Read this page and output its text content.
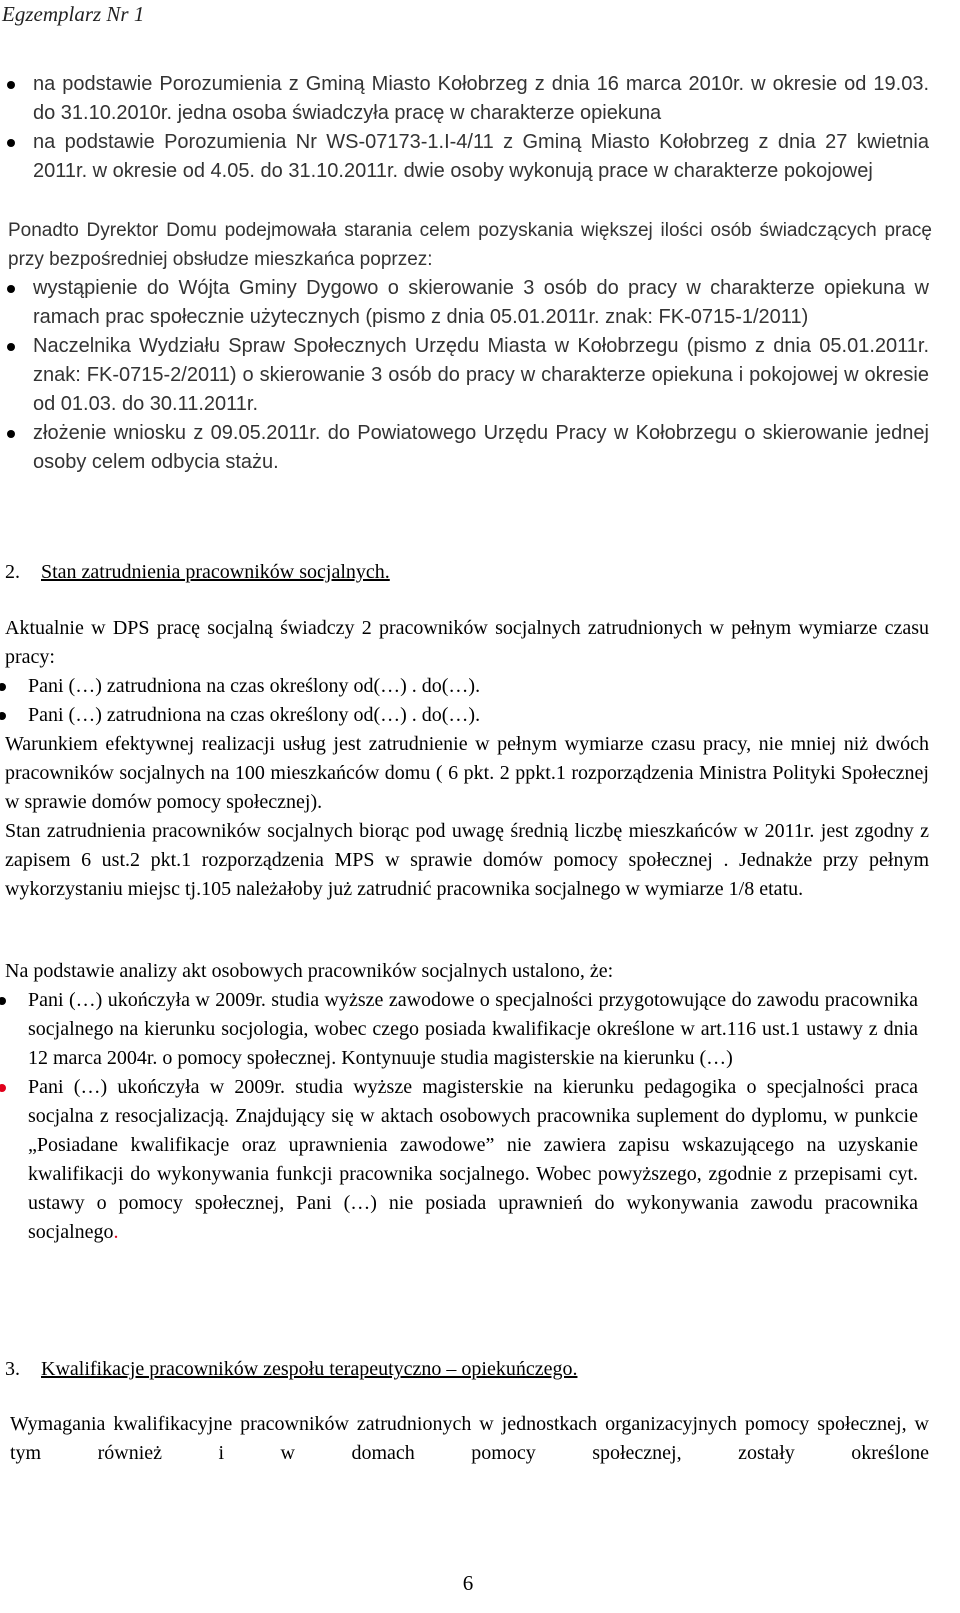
Egzemplarz Nr 1
na podstawie Porozumienia z Gminą Miasto Kołobrzeg z dnia 16 marca 2010r. w okresie od 19.03. do 31.10.2010r. jedna osoba świadczyła pracę w charakterze opiekuna
na podstawie Porozumienia Nr WS-07173-1.I-4/11 z Gminą Miasto Kołobrzeg z dnia 27 kwietnia 2011r. w okresie od 4.05. do 31.10.2011r. dwie osoby wykonują prace w charakterze pokojowej

Ponadto Dyrektor Domu podejmowała starania celem pozyskania większej ilości osób świadczących pracę przy bezpośredniej obsłudze mieszkańca poprzez:

wystąpienie do Wójta Gminy Dygowo o skierowanie 3 osób do pracy w charakterze opiekuna w ramach prac społecznie użytecznych (pismo z dnia 05.01.2011r. znak: FK-0715-1/2011)
Naczelnika Wydziału Spraw Społecznych Urzędu Miasta w Kołobrzegu (pismo z dnia 05.01.2011r. znak: FK-0715-2/2011) o skierowanie 3 osób do pracy w charakterze opiekuna i pokojowej w okresie od 01.03. do 30.11.2011r.
złożenie wniosku z 09.05.2011r. do Powiatowego Urzędu Pracy w Kołobrzegu o skierowanie jednej osoby celem odbycia stażu.
2. Stan zatrudnienia pracowników socjalnych.

Aktualnie w DPS pracę socjalną świadczy 2 pracowników socjalnych zatrudnionych w pełnym wymiarze czasu pracy:

Pani (…) zatrudniona na czas określony od(…) . do(…).
Pani (…) zatrudniona na czas określony od(…) . do(…).

Warunkiem efektywnej realizacji usług jest zatrudnienie w pełnym wymiarze czasu pracy, nie mniej niż dwóch pracowników socjalnych na 100 mieszkańców domu ( 6 pkt. 2 ppkt.1 rozporządzenia Ministra Polityki Społecznej w sprawie domów pomocy społecznej).

Stan zatrudnienia pracowników socjalnych biorąc pod uwagę średnią liczbę mieszkańców w 2011r. jest zgodny z zapisem 6 ust.2 pkt.1 rozporządzenia MPS w sprawie domów pomocy społecznej . Jednakże przy pełnym wykorzystaniu miejsc tj.105 należałoby już zatrudnić pracownika socjalnego w wymiarze 1/8 etatu.

Na podstawie analizy akt osobowych pracowników socjalnych ustalono, że:

Pani (…) ukończyła w 2009r. studia wyższe zawodowe o specjalności przygotowujące do zawodu pracownika socjalnego na kierunku socjologia, wobec czego posiada kwalifikacje określone w art.116 ust.1 ustawy z dnia 12 marca 2004r. o pomocy społecznej. Kontynuuje studia magisterskie na kierunku (…)
Pani (…) ukończyła w 2009r. studia wyższe magisterskie na kierunku pedagogika o specjalności praca socjalna z resocjalizacją. Znajdujący się w aktach osobowych pracownika suplement do dyplomu, w punkcie „Posiadane kwalifikacje oraz uprawnienia zawodowe” nie zawiera zapisu wskazującego na uzyskanie kwalifikacji do wykonywania funkcji pracownika socjalnego. Wobec powyższego, zgodnie z przepisami cyt. ustawy o pomocy społecznej, Pani (…) nie posiada uprawnień do wykonywania zawodu pracownika socjalnego.
3. Kwalifikacje pracowników zespołu terapeutyczno – opiekuńczego.

Wymagania kwalifikacyjne pracowników zatrudnionych w jednostkach organizacyjnych pomocy społecznej, w tym również i w domach pomocy społecznej, zostały określone

6
